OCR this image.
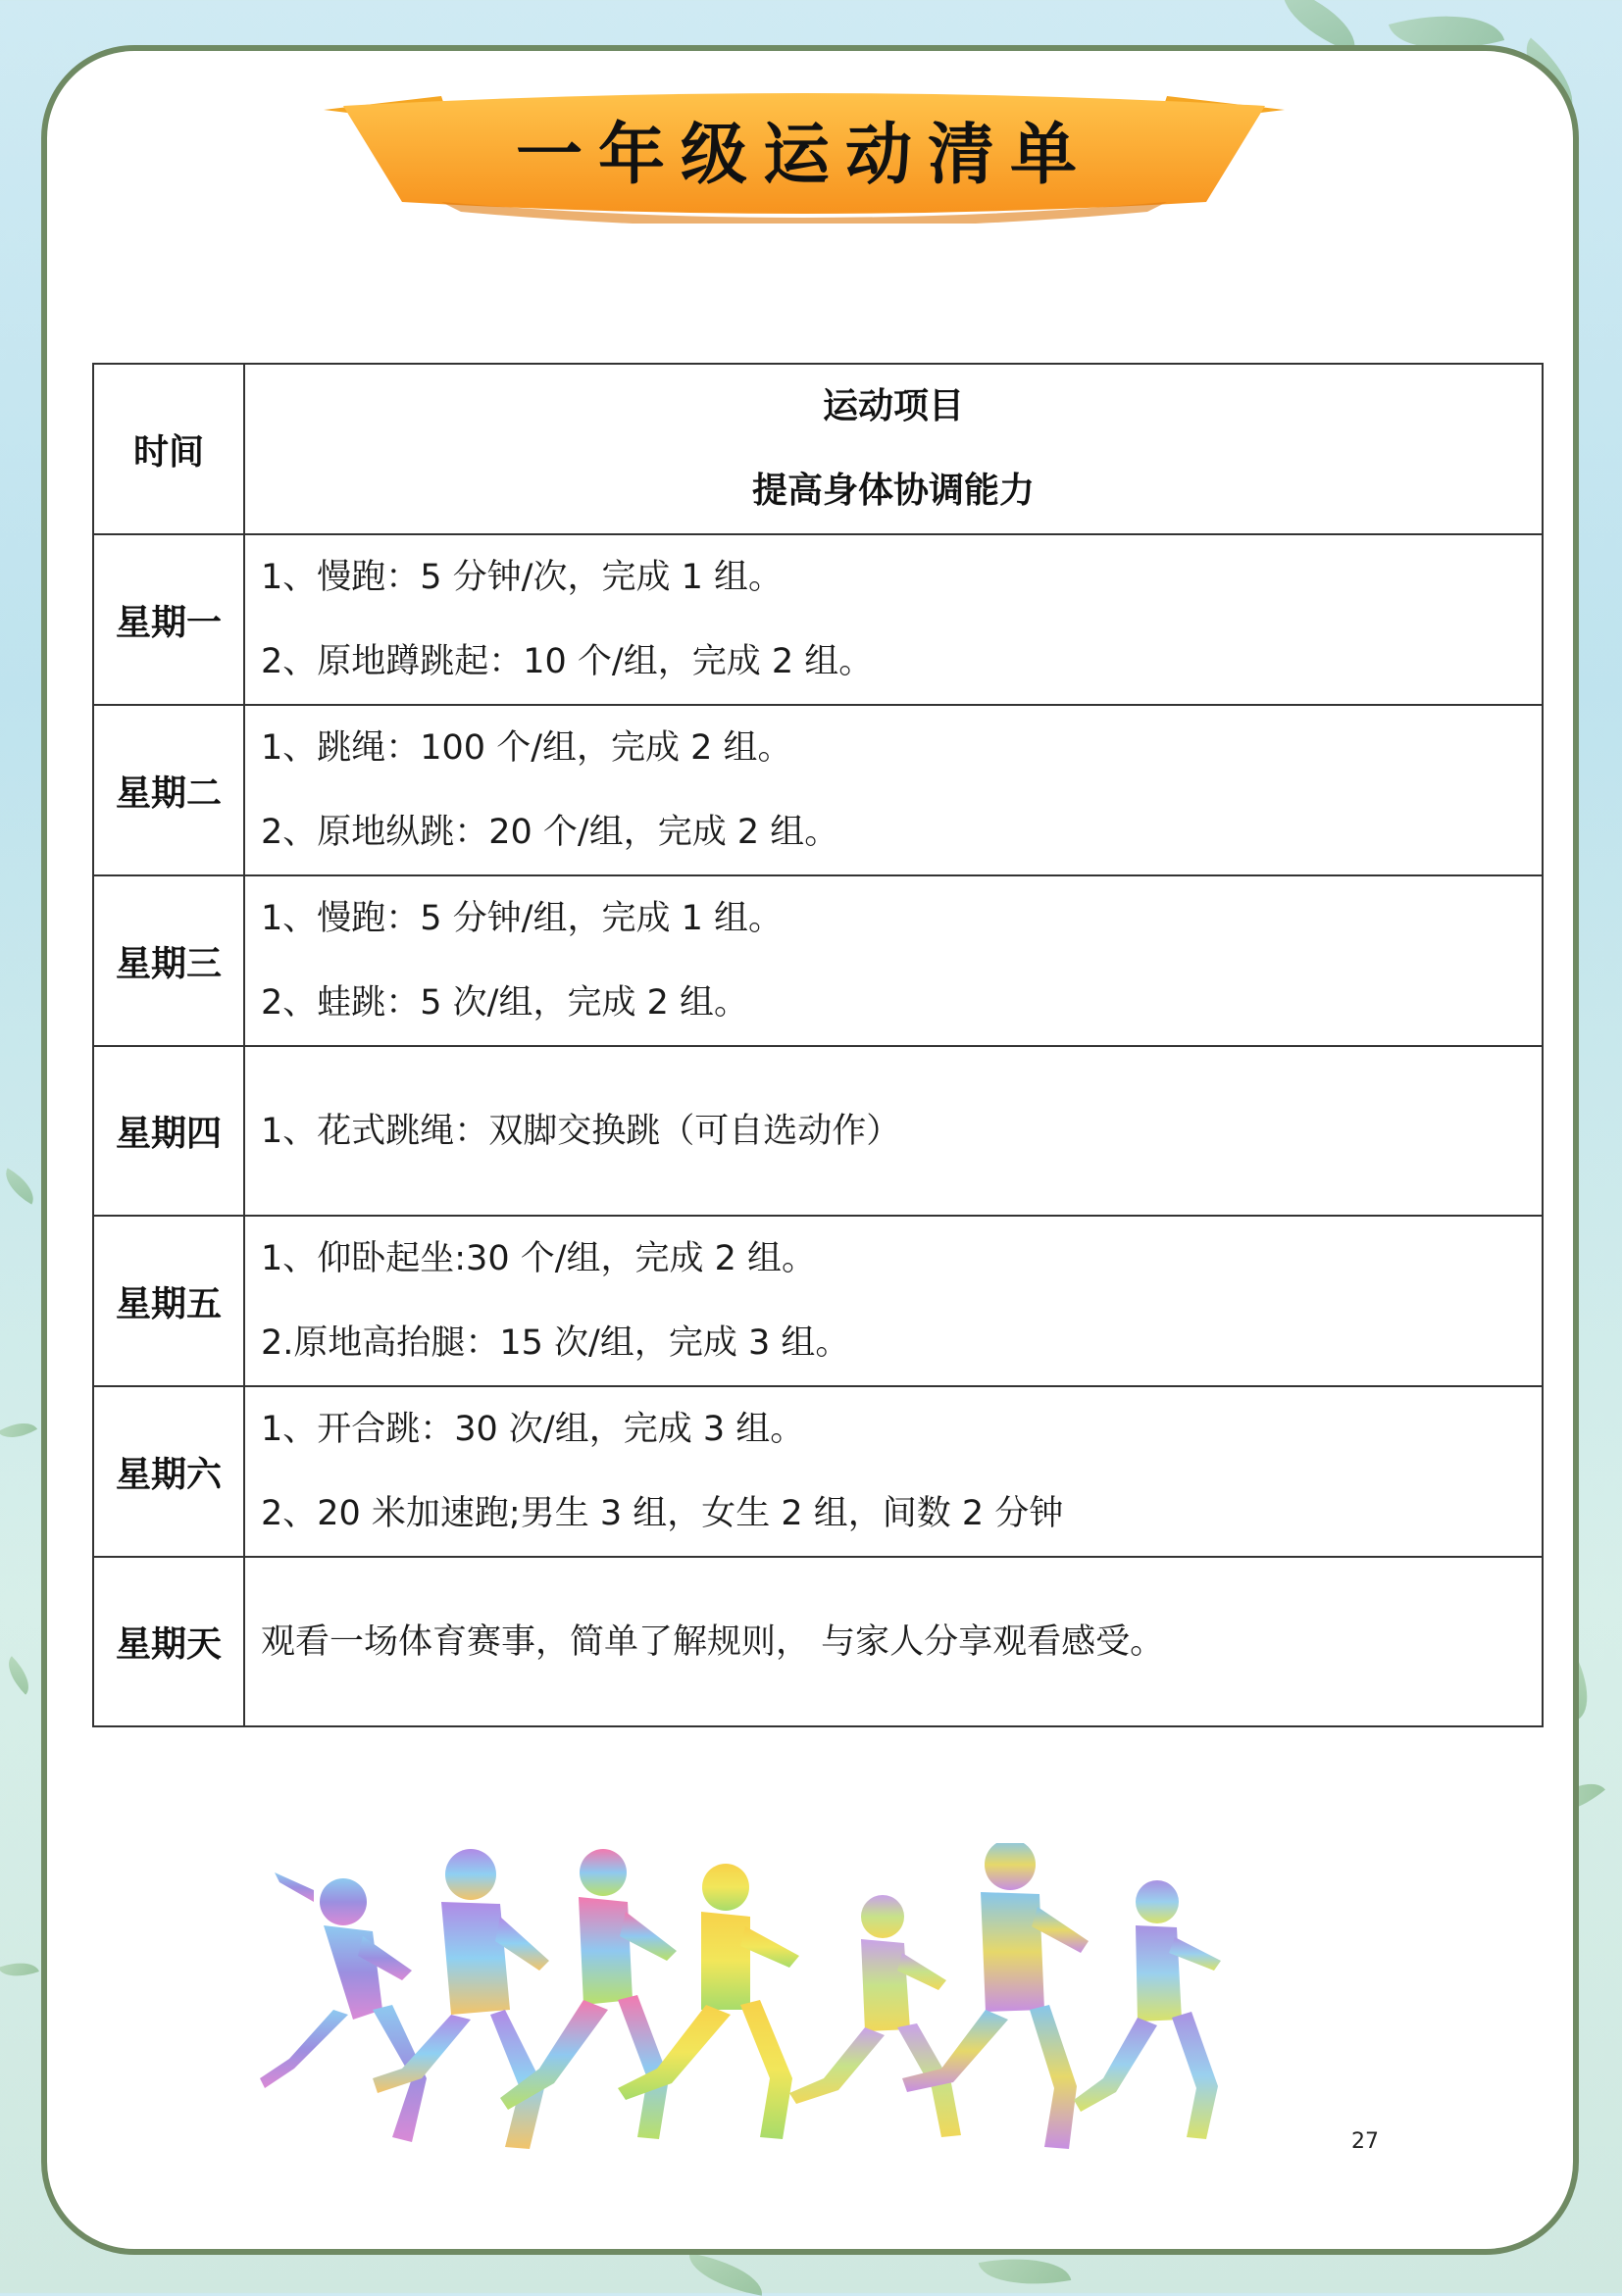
一年级运动清单
时间	运动项目
提高身体协调能力

星期一	1、慢跑：5 分钟/次，完成 1 组。
2、原地蹲跳起：10 个/组，完成 2 组。

星期二	1、跳绳：100 个/组，完成 2 组。
2、原地纵跳：20 个/组，完成 2 组。

星期三	1、慢跑：5 分钟/组，完成 1 组。
2、蛙跳：5 次/组，完成 2 组。

星期四	1、花式跳绳：双脚交换跳（可自选动作）

星期五	1、仰卧起坐:30 个/组，完成 2 组。
2.原地高抬腿：15 次/组，完成 3 组。

星期六	1、开合跳：30 次/组，完成 3 组。
2、20 米加速跑;男生 3 组，女生 2 组，间数 2 分钟

星期天	观看一场体育赛事，简单了解规则， 与家人分享观看感受。
27
